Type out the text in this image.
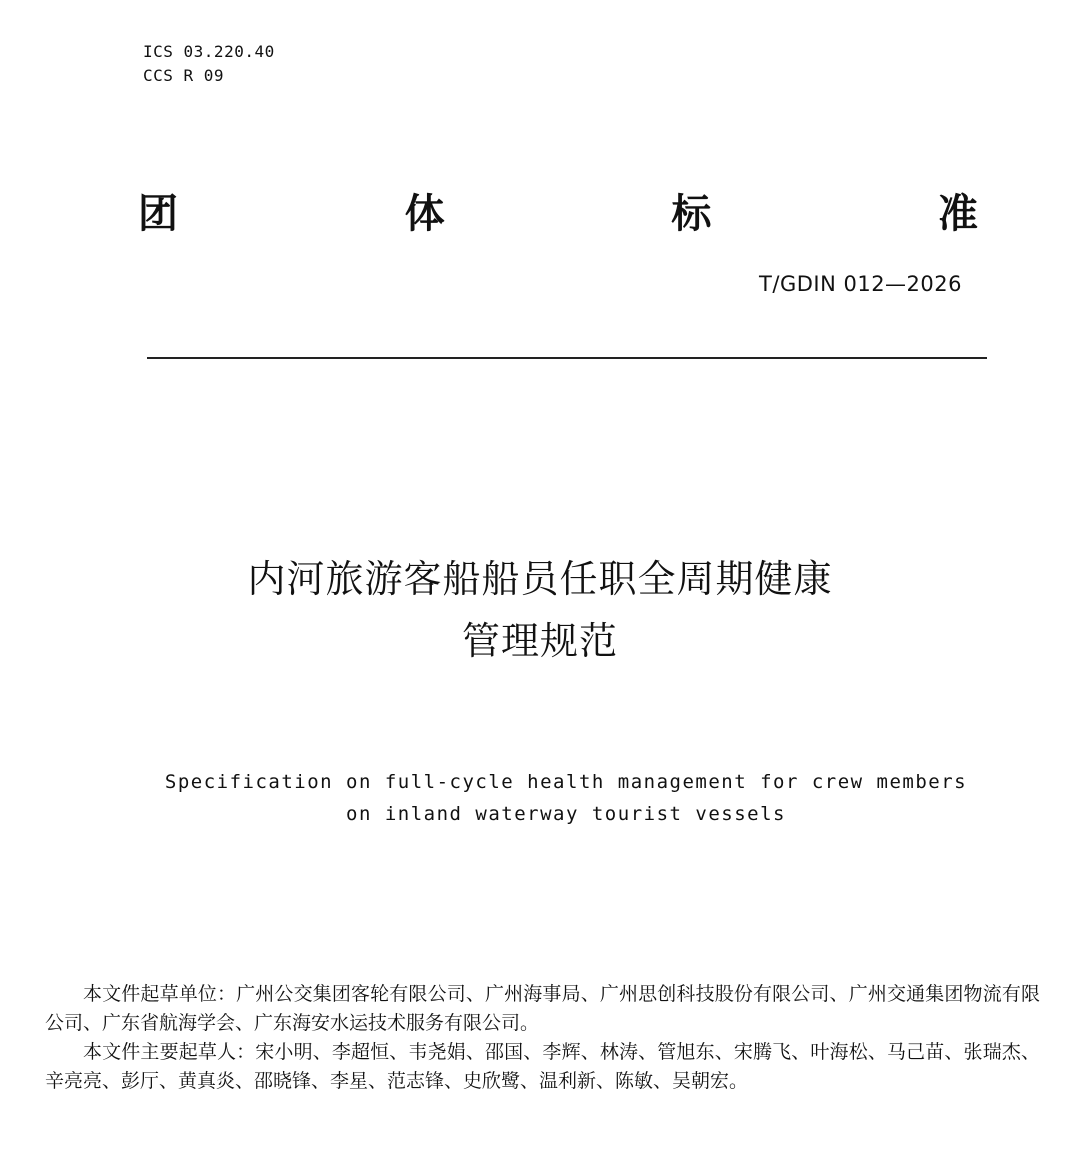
ICS 03.220.40
CCS R 09
团	体	标	准
T/GDIN 012—2026
内河旅游客船船员任职全周期健康
管理规范
Specification on full-cycle health management for crew members
on inland waterway tourist vessels

本文件起草单位：广州公交集团客轮有限公司、广州海事局、广州思创科技股份有限公司、广州交通集团物流有限公司、广东省航海学会、广东海安水运技术服务有限公司。

本文件主要起草人：宋小明、李超恒、韦尧娟、邵国、李辉、林涛、管旭东、宋腾飞、叶海松、马己苗、张瑞杰、辛亮亮、彭厅、黄真炎、邵晓锋、李星、范志锋、史欣鹭、温利新、陈敏、吴朝宏。
